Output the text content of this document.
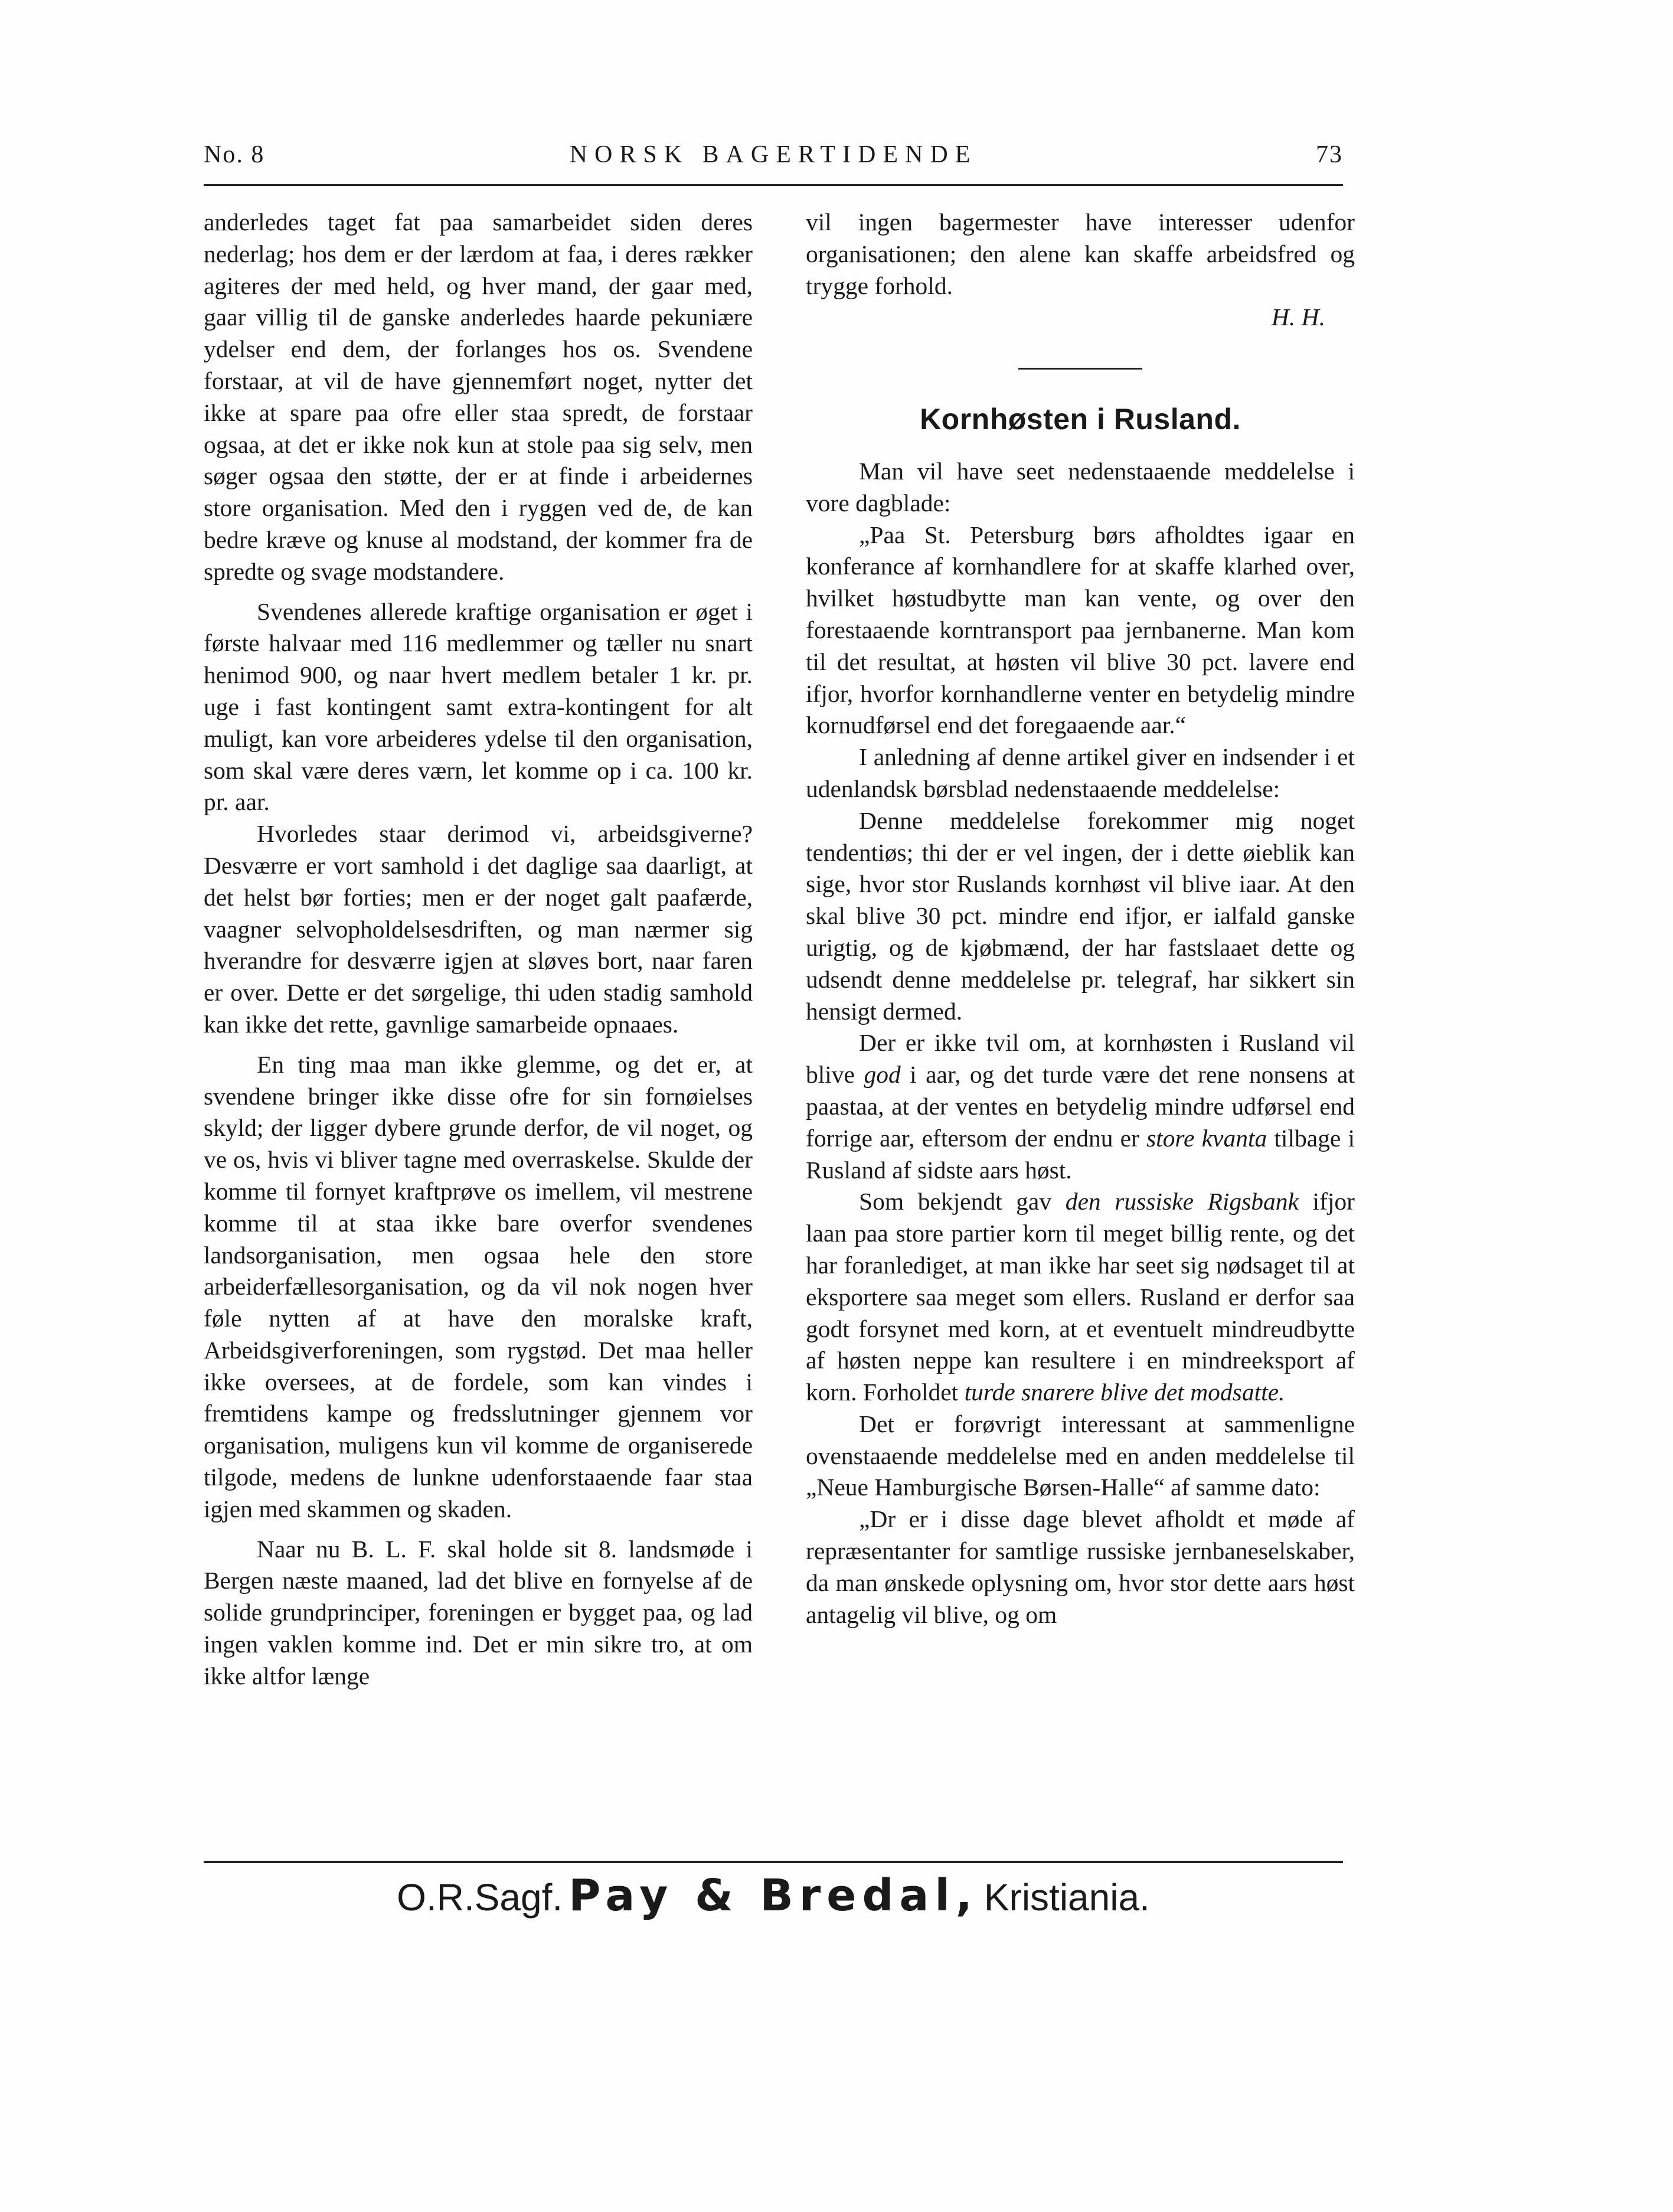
No. 8	NORSK BAGERTIDENDE	73

anderledes taget fat paa samarbeidet siden deres nederlag; hos dem er der lærdom at faa, i deres rækker agiteres der med held, og hver mand, der gaar med, gaar villig til de ganske anderledes haarde pekuniære ydelser end dem, der forlanges hos os. Svendene forstaar, at vil de have gjennemført noget, nytter det ikke at spare paa ofre eller staa spredt, de forstaar ogsaa, at det er ikke nok kun at stole paa sig selv, men søger ogsaa den støtte, der er at finde i arbeidernes store organisation. Med den i ryggen ved de, de kan bedre kræve og knuse al modstand, der kommer fra de spredte og svage modstandere.

Svendenes allerede kraftige organisation er øget i første halvaar med 116 medlemmer og tæller nu snart henimod 900, og naar hvert medlem betaler 1 kr. pr. uge i fast kontingent samt extra-kontingent for alt muligt, kan vore arbeideres ydelse til den organisation, som skal være deres værn, let komme op i ca. 100 kr. pr. aar.

Hvorledes staar derimod vi, arbeidsgiverne? Desværre er vort samhold i det daglige saa daarligt, at det helst bør forties; men er der noget galt paafærde, vaagner selvopholdelsesdriften, og man nærmer sig hverandre for desværre igjen at sløves bort, naar faren er over. Dette er det sørgelige, thi uden stadig samhold kan ikke det rette, gavnlige samarbeide opnaaes.

En ting maa man ikke glemme, og det er, at svendene bringer ikke disse ofre for sin fornøielses skyld; der ligger dybere grunde derfor, de vil noget, og ve os, hvis vi bliver tagne med overraskelse. Skulde der komme til fornyet kraftprøve os imellem, vil mestrene komme til at staa ikke bare overfor svendenes landsorganisation, men ogsaa hele den store arbeiderfællesorganisation, og da vil nok nogen hver føle nytten af at have den moralske kraft, Arbeidsgiverforeningen, som rygstød. Det maa heller ikke oversees, at de fordele, som kan vindes i fremtidens kampe og fredsslutninger gjennem vor organisation, muligens kun vil komme de organiserede tilgode, medens de lunkne udenforstaaende faar staa igjen med skammen og skaden.

Naar nu B. L. F. skal holde sit 8. landsmøde i Bergen næste maaned, lad det blive en fornyelse af de solide grundprinciper, foreningen er bygget paa, og lad ingen vaklen komme ind. Det er min sikre tro, at om ikke altfor længe

vil ingen bagermester have interesser udenfor organisationen; den alene kan skaffe arbeidsfred og trygge forhold.

H. H.

Kornhøsten i Rusland.

Man vil have seet nedenstaaende meddelelse i vore dagblade:

„Paa St. Petersburg børs afholdtes igaar en konferance af kornhandlere for at skaffe klarhed over, hvilket høstudbytte man kan vente, og over den forestaaende korntransport paa jernbanerne. Man kom til det resultat, at høsten vil blive 30 pct. lavere end ifjor, hvorfor kornhandlerne venter en betydelig mindre kornudførsel end det foregaaende aar.“

I anledning af denne artikel giver en indsender i et udenlandsk børsblad nedenstaaende meddelelse:

Denne meddelelse forekommer mig noget tendentiøs; thi der er vel ingen, der i dette øieblik kan sige, hvor stor Ruslands kornhøst vil blive iaar. At den skal blive 30 pct. mindre end ifjor, er ialfald ganske urigtig, og de kjøbmænd, der har fastslaaet dette og udsendt denne meddelelse pr. telegraf, har sikkert sin hensigt dermed.

Der er ikke tvil om, at kornhøsten i Rusland vil blive god i aar, og det turde være det rene nonsens at paastaa, at der ventes en betydelig mindre udførsel end forrige aar, eftersom der endnu er store kvanta tilbage i Rusland af sidste aars høst.

Som bekjendt gav den russiske Rigsbank ifjor laan paa store partier korn til meget billig rente, og det har foranlediget, at man ikke har seet sig nødsaget til at eksportere saa meget som ellers. Rusland er derfor saa godt forsynet med korn, at et eventuelt mindreudbytte af høsten neppe kan resultere i en mindreeksport af korn. Forholdet turde snarere blive det modsatte.

Det er forøvrigt interessant at sammenligne ovenstaaende meddelelse med en anden meddelelse til „Neue Hamburgische Børsen-Halle“ af samme dato:

„Dr er i disse dage blevet afholdt et møde af repræsentanter for samtlige russiske jernbaneselskaber, da man ønskede oplysning om, hvor stor dette aars høst antagelig vil blive, og om

O.R.Sagf. Pay & Bredal, Kristiania.
